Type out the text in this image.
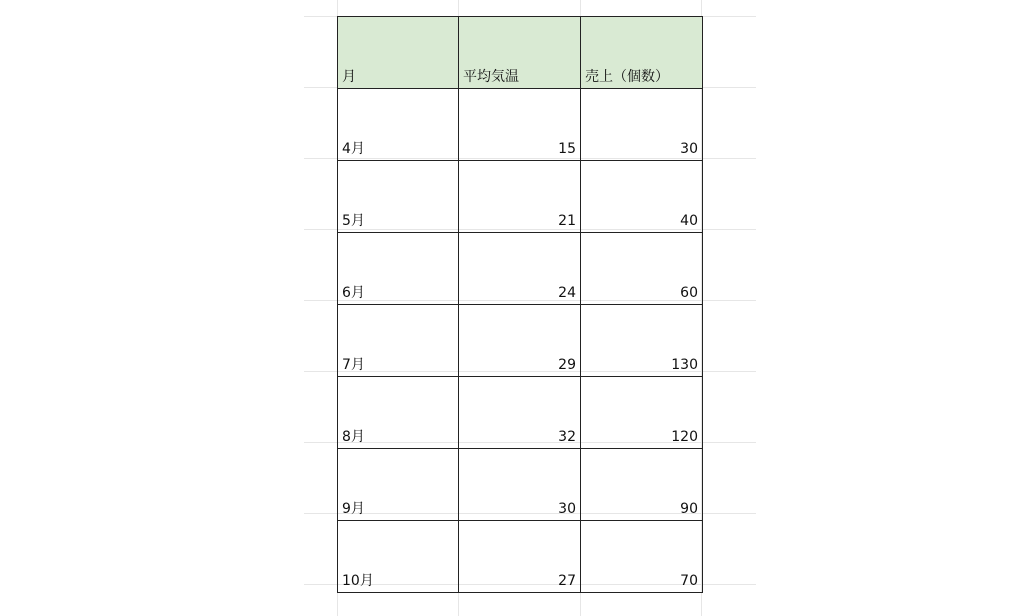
月	平均気温	売上（個数）
4月	15	30
5月	21	40
6月	24	60
7月	29	130
8月	32	120
9月	30	90
10月	27	70
